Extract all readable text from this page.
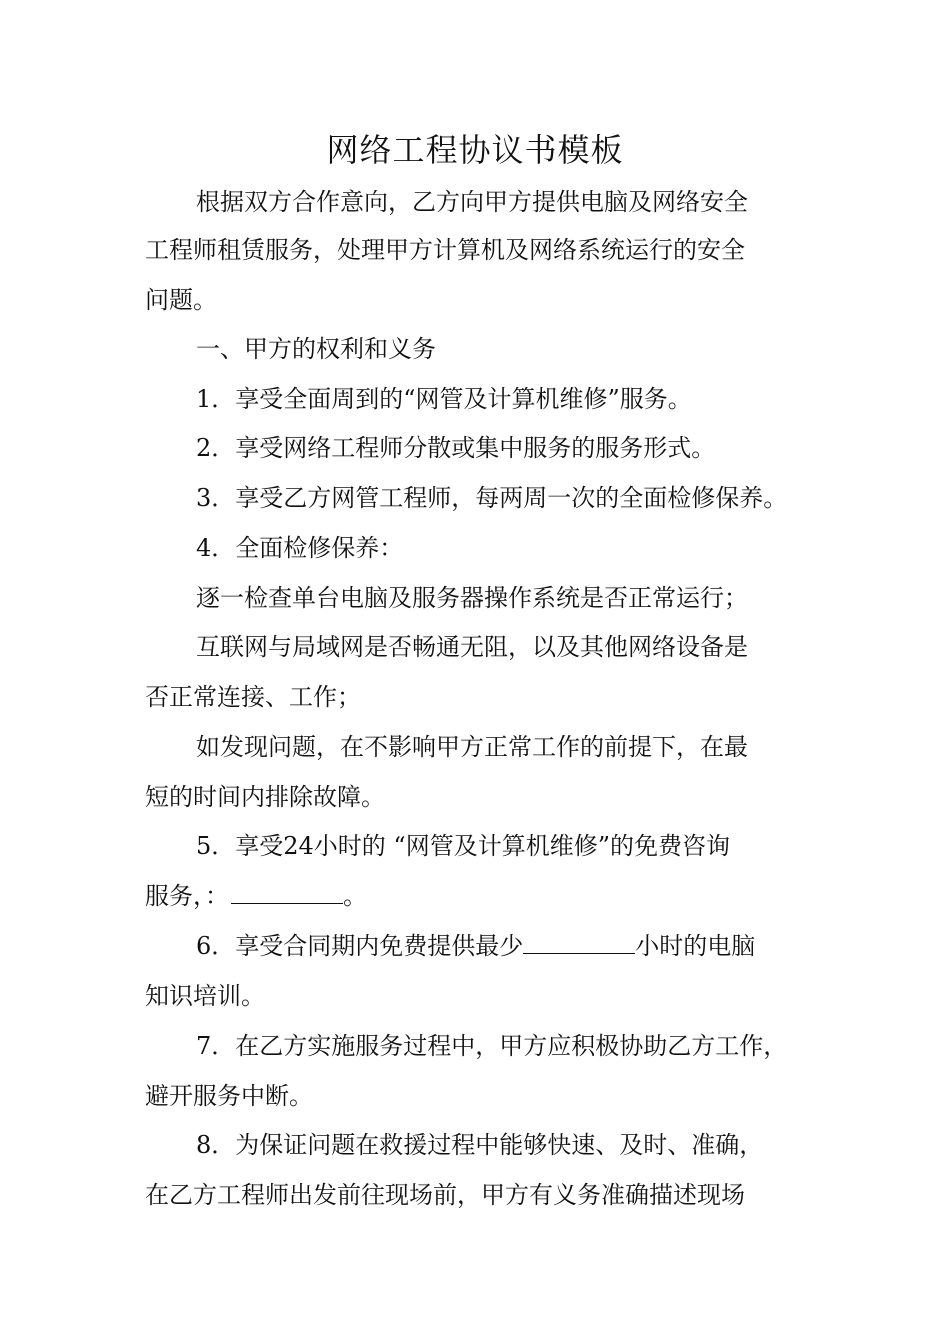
网络工程协议书模板
根据双方合作意向，乙方向甲方提供电脑及网络安全
工程师租赁服务，处理甲方计算机及网络系统运行的安全
问题。
一、甲方的权利和义务
1．享受全面周到的“网管及计算机维修”服务。
2．享受网络工程师分散或集中服务的服务形式。
3．享受乙方网管工程师，每两周一次的全面检修保养。
4．全面检修保养：
逐一检查单台电脑及服务器操作系统是否正常运行；
互联网与局域网是否畅通无阻，以及其他网络设备是
否正常连接、工作；
如发现问题，在不影响甲方正常工作的前提下，在最
短的时间内排除故障。
5．享受24小时的 “网管及计算机维修”的免费咨询
服务，：	。
6．享受合同期内免费提供最少	小时的电脑
知识培训。
7．在乙方实施服务过程中，甲方应积极协助乙方工作，
避开服务中断。
8．为保证问题在救援过程中能够快速、及时、准确，
在乙方工程师出发前往现场前，甲方有义务准确描述现场
